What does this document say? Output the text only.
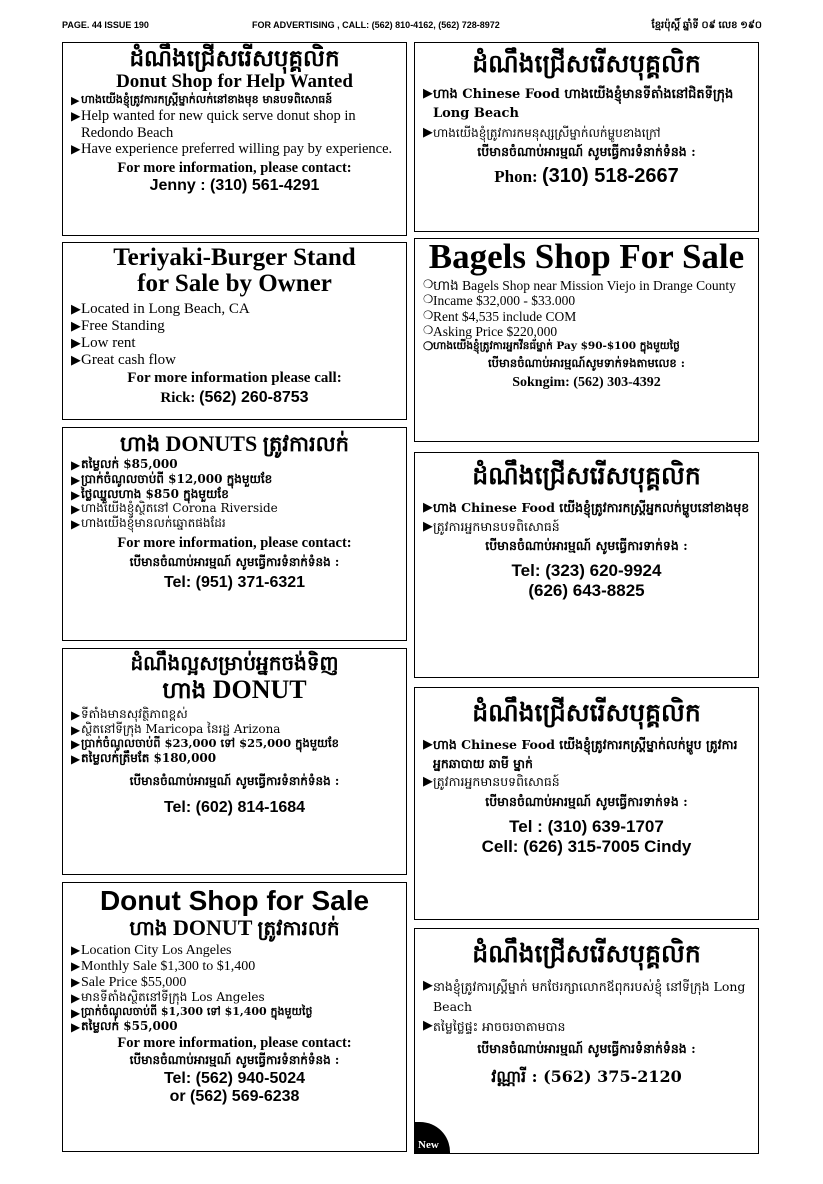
PAGE. 44 ISSUE 190	FOR ADVERTISING , CALL: (562) 810-4162, (562) 728-8972	ខ្មែរប៉ុស្តិ៍ ឆ្នាំទី ០៩ លេខ ១៩០
ដំណឹងជ្រើសរើសបុគ្គលិក
Donut Shop for Help Wanted
▶ ហាងយើងខ្ញុំត្រូវការកស្រ្តីម្នាក់លក់នៅខាងមុខ មានបទពិសោធន៍
▶ Help wanted for new quick serve donut shop in Redondo Beach
▶ Have experience preferred willing pay by experience.
For more information, please contact:
Jenny : (310) 561-4291
Teriyaki-Burger Stand
for Sale by Owner
▶ Located in Long Beach, CA
▶ Free Standing
▶ Low rent
▶ Great cash flow
For more information please call:
Rick: (562) 260-8753
ហាង DONUTS ត្រូវការលក់
▶ តម្លៃលក់ $85,000
▶ ប្រាក់ចំណូលចាប់ពី $12,000 ក្នុងមួយខែ
▶ ថ្លៃឈ្នួលហាង $850 ក្នុងមួយខែ
▶ ហាងយើងខ្ញុំស្ថិតនៅ Corona Riverside
▶ ហាងយើងខ្ញុំមានលក់ឆ្នោតផងដែរ
For more information, please contact:
បើមានចំណាប់អារម្មណ៍ សូមធ្វើការទំនាក់ទំនង :
Tel: (951) 371-6321
ដំណឹងល្អសម្រាប់អ្នកចង់ទិញ
ហាង DONUT
▶ ទីតាំងមានសុវត្ថិភាពខ្ពស់
▶ ស្ថិតនៅទីក្រុង Maricopa នៃរដ្ឋ Arizona
▶ ប្រាក់ចំណូលចាប់ពី $23,000 ទៅ $25,000 ក្នុងមួយខែ
▶ តម្លៃលក់ត្រឹមតែ $180,000
បើមានចំណាប់អារម្មណ៍ សូមធ្វើការទំនាក់ទំនង :
Tel: (602) 814-1684
Donut Shop for Sale
ហាង DONUT ត្រូវការលក់
▶ Location City Los Angeles
▶ Monthly Sale $1,300 to $1,400
▶ Sale Price $55,000
▶ មានទីតាំងស្ថិតនៅទីក្រុង Los Angeles
▶ ប្រាក់ចំណូលចាប់ពី $1,300 ទៅ $1,400 ក្នុងមួយថ្ងៃ
▶ តម្លៃលក់ $55,000
For more information, please contact:
បើមានចំណាប់អារម្មណ៍ សូមធ្វើការទំនាក់ទំនង :
Tel: (562) 940-5024
or (562) 569-6238
ដំណឹងជ្រើសរើសបុគ្គលិក
▶ ហាង Chinese Food ហាងយើងខ្ញុំមានទីតាំងនៅជិតទីក្រុង Long Beach
▶ ហាងយើងខ្ញុំត្រូវការកមនុស្សស្រីម្នាក់លក់ម្ហូបខាងក្រៅ
បើមានចំណាប់អារម្មណ៍ សូមធ្វើការទំនាក់ទំនង :
Phon: (310) 518-2667
Bagels Shop For Sale
❍ ហាង Bagels Shop near Mission Viejo in Drange County
❍ Incame $32,000 - $33.000
❍ Rent $4,535 include COM
❍ Asking Price $220,000
❍ ហាងយើងខ្ញុំត្រូវការអ្នកវីនធ័ម្នាក់ Pay $90-$100 ក្នុងមួយថ្ងៃ
បើមានចំណាប់អារម្មណ៍សូមទាក់ទងតាមលេខ :
Sokngim: (562) 303-4392
ដំណឹងជ្រើសរើសបុគ្គលិក
▶ ហាង Chinese Food យើងខ្ញុំត្រូវការកស្រ្តីអ្នកលក់ម្ហូបនៅខាងមុខ
▶ ត្រូវការអ្នកមានបទពិសោធន៍
បើមានចំណាប់អារម្មណ៍ សូមធ្វើការទាក់ទង :
Tel: (323) 620-9924
(626) 643-8825
ដំណឹងជ្រើសរើសបុគ្គលិក
▶ ហាង Chinese Food យើងខ្ញុំត្រូវការកស្រ្តីម្នាក់លក់ម្ហូប ត្រូវការអ្នកឆាបាយ ឆាមី ម្នាក់
▶ ត្រូវការអ្នកមានបទពិសោធន៍
បើមានចំណាប់អារម្មណ៍ សូមធ្វើការទាក់ទង :
Tel : (310) 639-1707
Cell: (626) 315-7005 Cindy
ដំណឹងជ្រើសរើសបុគ្គលិក
▶ នាងខ្ញុំត្រូវការស្រ្តីម្នាក់ មកថែរក្សាលោកឪពុករបស់ខ្ញុំ នៅទីក្រុង Long Beach
▶ តម្លៃថ្លៃផ្ទះ អាចចរចាតាមបាន
បើមានចំណាប់អារម្មណ៍ សូមធ្វើការទំនាក់ទំនង :
វណ្ណារី : (562) 375-2120
New
